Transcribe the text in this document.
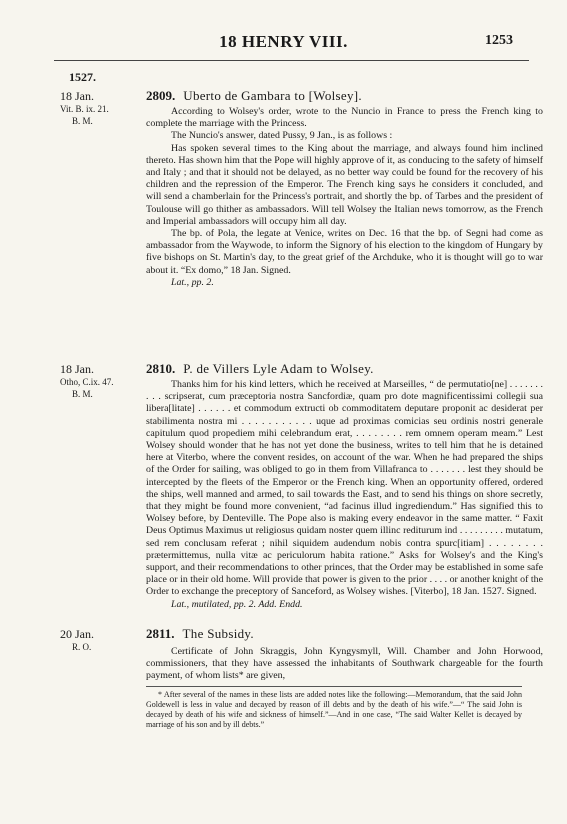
18 HENRY VIII.	1253
1527.
18 Jan.
Vit. B. ix. 21.
B. M.
2809. Uberto de Gambara to [Wolsey].

According to Wolsey's order, wrote to the Nuncio in France to press the French king to complete the marriage with the Princess.

The Nuncio's answer, dated Pussy, 9 Jan., is as follows :

Has spoken several times to the King about the marriage, and always found him inclined thereto. Has shown him that the Pope will highly approve of it, as conducing to the safety of himself and Italy ; and that it should not be delayed, as no better way could be found for the recovery of his children and the repression of the Emperor. The French king says he considers it concluded, and will send a chamberlain for the Princess's portrait, and shortly the bp. of Tarbes and the president of Toulouse will go thither as ambassadors. Will tell Wolsey the Italian news tomorrow, as the French and Imperial ambassadors will occupy him all day.

The bp. of Pola, the legate at Venice, writes on Dec. 16 that the bp. of Segni had come as ambassador from the Waywode, to inform the Signory of his election to the kingdom of Hungary by five bishops on St. Martin's day, to the great grief of the Archduke, who it is thought will go to war about it. “Ex domo,” 18 Jan. Signed.

Lat., pp. 2.

18 Jan.
Otho, C.ix. 47.
B. M.
2810. P. de Villers Lyle Adam to Wolsey.

Thanks him for his kind letters, which he received at Marseilles, “ de permutatio[ne] . . . . . . . . . . scripserat, cum præceptoria nostra Sancfordiæ, quam pro dote magnificentissimi collegii sua libera[litate] . . . . . . et commodum extructi ob commoditatem deputare proponit ac desiderat per stabilimenta nostra mi . . . . . . . . . . . uque ad proximas comicias seu ordinis nostri generale capitulum quod propediem mihi celebrandum erat, . . . . . . . . rem omnem operam meam.” Lest Wolsey should wonder that he has not yet done the business, writes to tell him that he is detained here at Viterbo, where the convent resides, on account of the war. When he had prepared the ships of the Order for sailing, was obliged to go in them from Villafranca to . . . . . . . lest they should be intercepted by the fleets of the Emperor or the French king. When an opportunity offered, ordered the ships, well manned and armed, to sail towards the East, and to send his things on shore secretly, that they might be found more convenient, “ad facinus illud ingrediendum.” Has signified this to Wolsey before, by Denteville. The Pope also is making every endeavor in the same matter. “ Faxit Deus Optimus Maximus ut religiosus quidam noster quem illinc rediturum ind . . . . . . . . . mutatum, sed rem conclusam referat ; nihil siquidem audendum nobis contra spurc[itiam] . . . . . . . . prætermittemus, nulla vitæ ac periculorum habita ratione.” Asks for Wolsey's and the King's support, and their recommendations to other princes, that the Order may be established in some safe place or in their old home. Will provide that power is given to the prior . . . . or another knight of the Order to exchange the preceptory of Sanceford, as Wolsey wishes. [Viterbo], 18 Jan. 1527. Signed.

Lat., mutilated, pp. 2. Add. Endd.

20 Jan.
R. O.
2811. The Subsidy.

Certificate of John Skraggis, John Kyngysmyll, Will. Chamber and John Horwood, commissioners, that they have assessed the inhabitants of Southwark chargeable for the fourth payment, of whom lists* are given,

* After several of the names in these lists are added notes like the following:—Memorandum, that the said John Goldewell is less in value and decayed by reason of ill debts and by the death of his wife.”—“ The said John is decayed by death of his wife and sickness of himself.”—And in one case, “The said Walter Kellet is decayed by marriage of his son and by ill debts.”
